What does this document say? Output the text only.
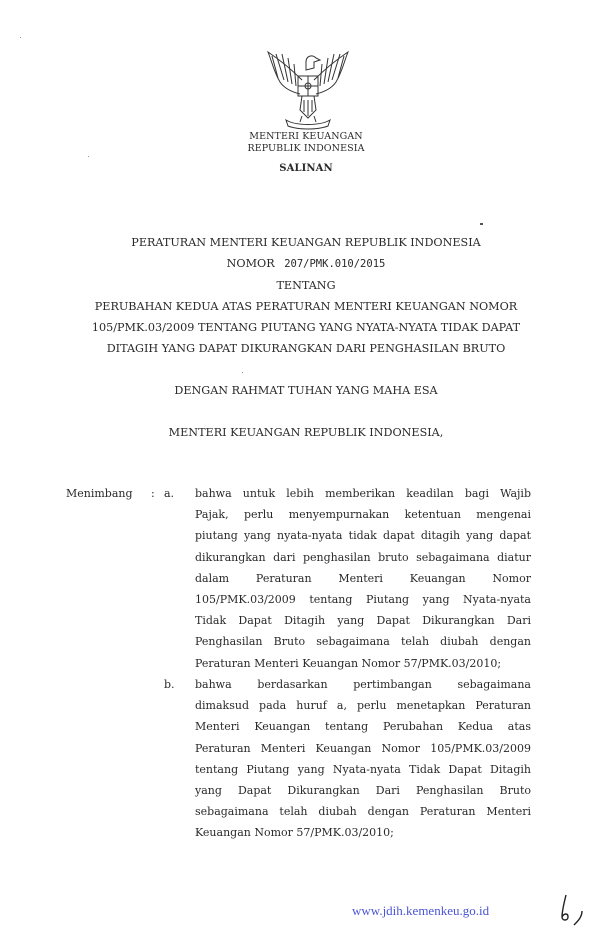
MENTERI KEUANGAN
REPUBLIK INDONESIA
SALINAN
PERATURAN MENTERI KEUANGAN REPUBLIK INDONESIA
NOMOR 207/PMK.010/2015
TENTANG
PERUBAHAN KEDUA ATAS PERATURAN MENTERI KEUANGAN NOMOR
105/PMK.03/2009 TENTANG PIUTANG YANG NYATA-NYATA TIDAK DAPAT
DITAGIH YANG DAPAT DIKURANGKAN DARI PENGHASILAN BRUTO
DENGAN RAHMAT TUHAN YANG MAHA ESA
MENTERI KEUANGAN REPUBLIK INDONESIA,
Menimbang : a. bahwa untuk lebih memberikan keadilan bagi Wajib
Pajak, perlu menyempurnakan ketentuan mengenai
piutang yang nyata-nyata tidak dapat ditagih yang dapat
dikurangkan dari penghasilan bruto sebagaimana diatur
dalam Peraturan Menteri Keuangan Nomor
105/PMK.03/2009 tentang Piutang yang Nyata-nyata
Tidak Dapat Ditagih yang Dapat Dikurangkan Dari
Penghasilan Bruto sebagaimana telah diubah dengan
Peraturan Menteri Keuangan Nomor 57/PMK.03/2010;
b. bahwa berdasarkan pertimbangan sebagaimana
dimaksud pada huruf a, perlu menetapkan Peraturan
Menteri Keuangan tentang Perubahan Kedua atas
Peraturan Menteri Keuangan Nomor 105/PMK.03/2009
tentang Piutang yang Nyata-nyata Tidak Dapat Ditagih
yang Dapat Dikurangkan Dari Penghasilan Bruto
sebagaimana telah diubah dengan Peraturan Menteri
Keuangan Nomor 57/PMK.03/2010;
www.jdih.kemenkeu.go.id
